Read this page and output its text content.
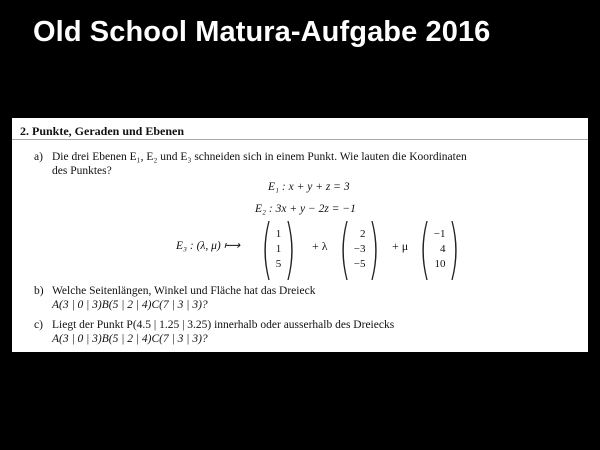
Old School Matura-Aufgabe 2016
2. Punkte, Geraden und Ebenen
a) Die drei Ebenen E₁, E₂ und E₃ schneiden sich in einem Punkt. Wie lauten die Koordinaten
des Punktes?
E₁ : x + y + z = 3
E₂ : 3x + y − 2z = −1
E₃ : (λ, μ) ⟼ ( 1
1
5 ) + λ ( 2
−3
−5 ) + μ ( −1
4
10 )
b) Welche Seitenlängen, Winkel und Fläche hat das Dreieck
A(3 | 0 | 3)B(5 | 2 | 4)C(7 | 3 | 3)?
c) Liegt der Punkt P(4.5 | 1.25 | 3.25) innerhalb oder ausserhalb des Dreiecks
A(3 | 0 | 3)B(5 | 2 | 4)C(7 | 3 | 3)?
